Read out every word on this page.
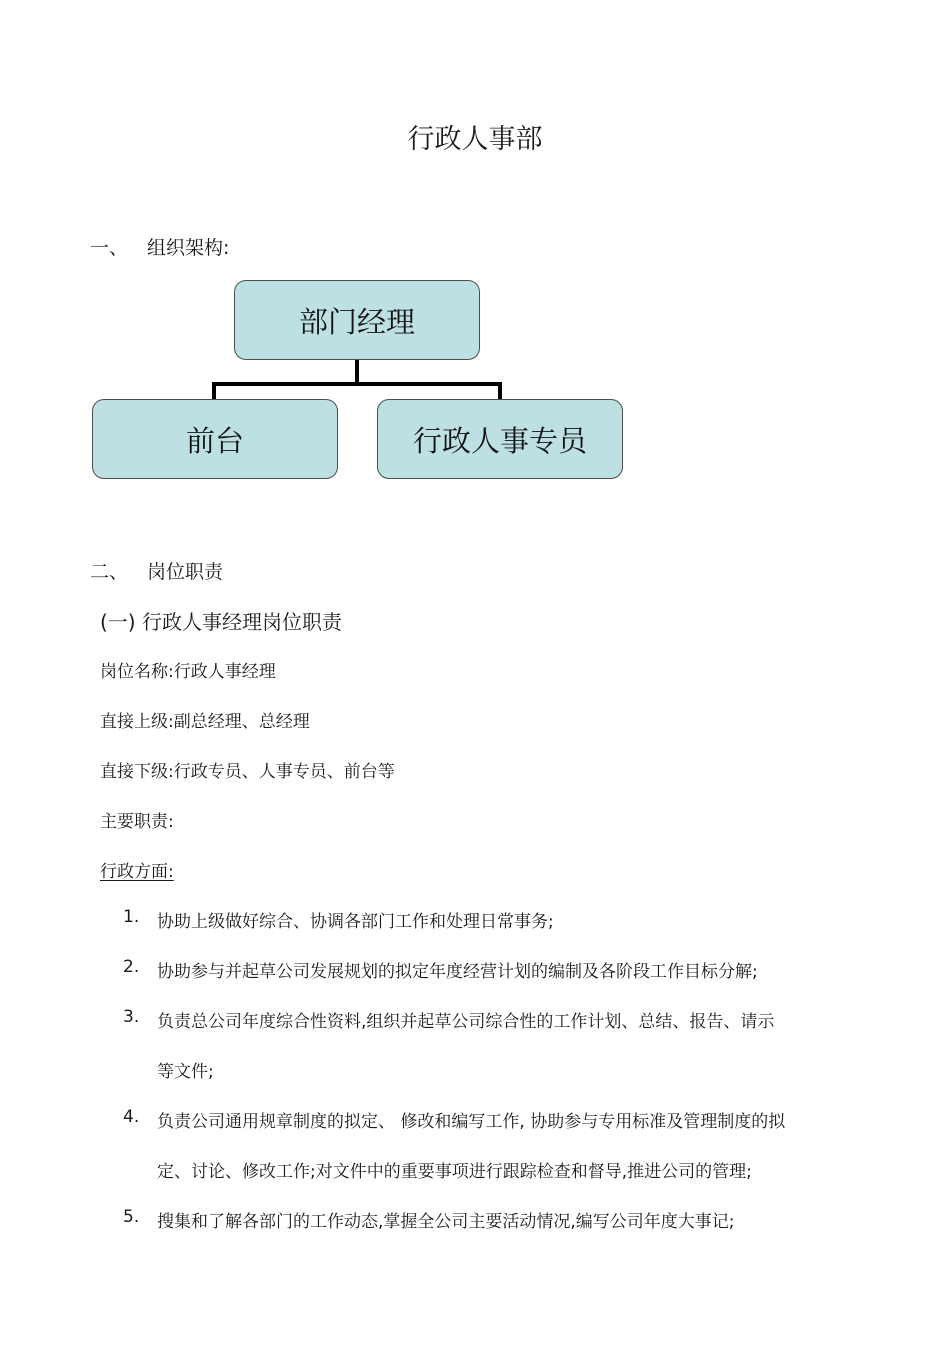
行政人事部
一、 组织架构:
部门经理
前台	行政人事专员
二、 岗位职责
(一) 行政人事经理岗位职责
岗位名称:行政人事经理
直接上级:副总经理、总经理
直接下级:行政专员、人事专员、前台等
主要职责:
行政方面:
1. 协助上级做好综合、协调各部门工作和处理日常事务;
2. 协助参与并起草公司发展规划的拟定年度经营计划的编制及各阶段工作目标分解;
3. 负责总公司年度综合性资料,组织并起草公司综合性的工作计划、总结、报告、请示
等文件;
4. 负责公司通用规章制度的拟定、 修改和编写工作, 协助参与专用标准及管理制度的拟
定、讨论、修改工作;对文件中的重要事项进行跟踪检查和督导,推进公司的管理;
5. 搜集和了解各部门的工作动态,掌握全公司主要活动情况,编写公司年度大事记;
